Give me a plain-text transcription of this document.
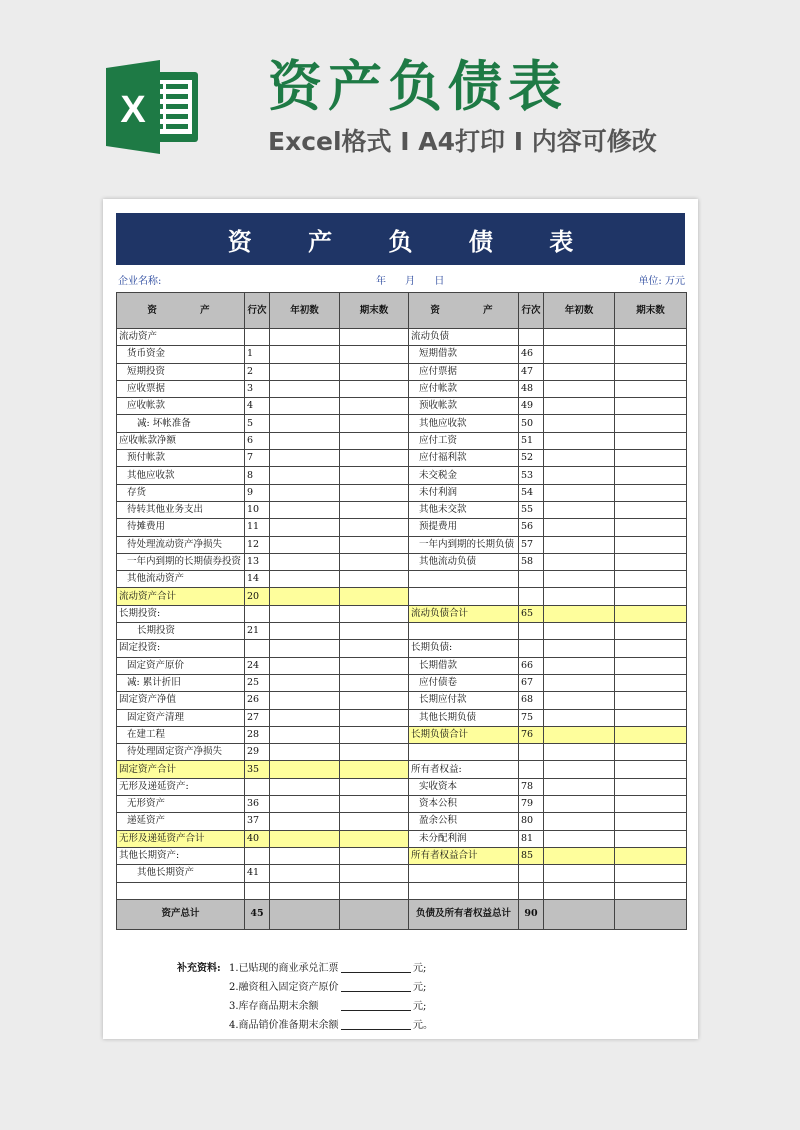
X 资产负债表
Excel格式 I A4打印 I 内容可修改
资 产 负 债 表
企业名称:	年 月 日	单位: 万元
资 产	行次	年初数	期末数	资 产	行次	年初数	期末数
流动资产				流动负债			
货币资金	1			短期借款	46		
短期投资	2			应付票据	47		
应收票据	3			应付帐款	48		
应收帐款	4			预收帐款	49		
减: 坏帐准备	5			其他应收款	50		
应收帐款净额	6			应付工资	51		
预付帐款	7			应付福利款	52		
其他应收款	8			未交税金	53		
存货	9			未付利润	54		
待转其他业务支出	10			其他未交款	55		
待摊费用	11			预提费用	56		
待处理流动资产净损失	12			一年内到期的长期负债	57		
一年内到期的长期债券投资	13			其他流动负债	58		
其他流动资产	14						
流动资产合计	20						
长期投资:				流动负债合计	65		
长期投资	21						
固定投资:				长期负债:			
固定资产原价	24			长期借款	66		
减: 累计折旧	25			应付债卷	67		
固定资产净值	26			长期应付款	68		
固定资产清理	27			其他长期负债	75		
在建工程	28			长期负债合计	76		
待处理固定资产净损失	29						
固定资产合计	35			所有者权益:			
无形及递延资产:				实收资本	78		
无形资产	36			资本公积	79		
递延资产	37			盈余公积	80		
无形及递延资产合计	40			未分配利润	81		
其他长期资产:				所有者权益合计	85		
其他长期资产	41						

资产总计	45			负债及所有者权益总计	90		
补充资料: 1.已贴现的商业承兑汇票	元;
2.融资租入固定资产原价	元;
3.库存商品期末余额	元;
4.商品销价准备期末余额	元。
